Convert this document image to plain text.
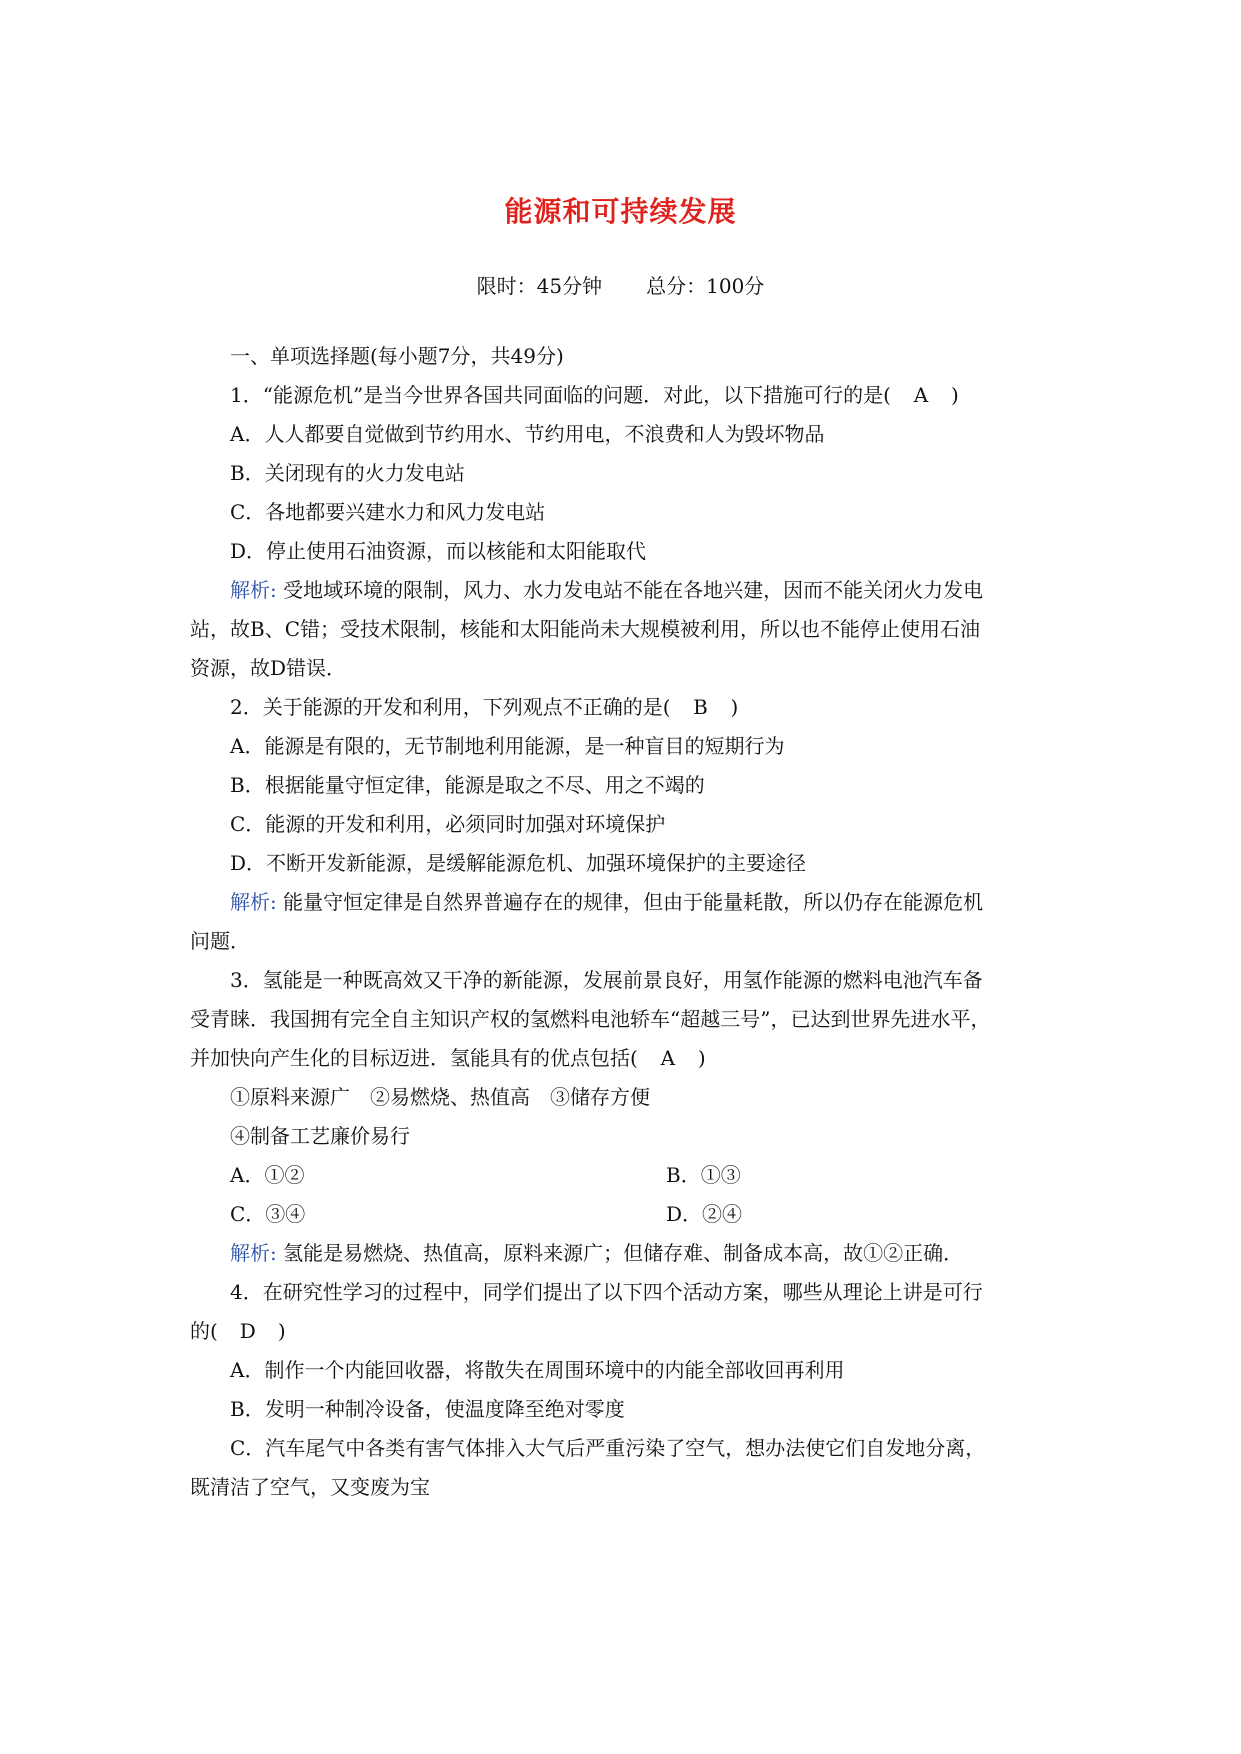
能源和可持续发展
限时：45分钟 总分：100分
一、单项选择题(每小题7分，共49分)
1．“能源危机”是当今世界各国共同面临的问题．对此，以下措施可行的是(　 A　 )
A．人人都要自觉做到节约用水、节约用电，不浪费和人为毁坏物品
B．关闭现有的火力发电站
C．各地都要兴建水力和风力发电站
D．停止使用石油资源，而以核能和太阳能取代
解析: 受地域环境的限制，风力、水力发电站不能在各地兴建，因而不能关闭火力发电
站，故B、C错；受技术限制，核能和太阳能尚未大规模被利用，所以也不能停止使用石油
资源，故D错误．
2．关于能源的开发和利用，下列观点不正确的是(　 B　 )
A．能源是有限的，无节制地利用能源，是一种盲目的短期行为
B．根据能量守恒定律，能源是取之不尽、用之不竭的
C．能源的开发和利用，必须同时加强对环境保护
D．不断开发新能源，是缓解能源危机、加强环境保护的主要途径
解析: 能量守恒定律是自然界普遍存在的规律，但由于能量耗散，所以仍存在能源危机
问题．
3．氢能是一种既高效又干净的新能源，发展前景良好，用氢作能源的燃料电池汽车备
受青睐．我国拥有完全自主知识产权的氢燃料电池轿车“超越三号”，已达到世界先进水平，
并加快向产生化的目标迈进．氢能具有的优点包括(　 A　 )
①原料来源广　②易燃烧、热值高　③储存方便
④制备工艺廉价易行
A．①②	B．①③
C．③④	D．②④
解析: 氢能是易燃烧、热值高，原料来源广；但储存难、制备成本高，故①②正确．
4．在研究性学习的过程中，同学们提出了以下四个活动方案，哪些从理论上讲是可行
的(　 D　 )
A．制作一个内能回收器，将散失在周围环境中的内能全部收回再利用
B．发明一种制冷设备，使温度降至绝对零度
C．汽车尾气中各类有害气体排入大气后严重污染了空气，想办法使它们自发地分离，
既清洁了空气，又变废为宝
